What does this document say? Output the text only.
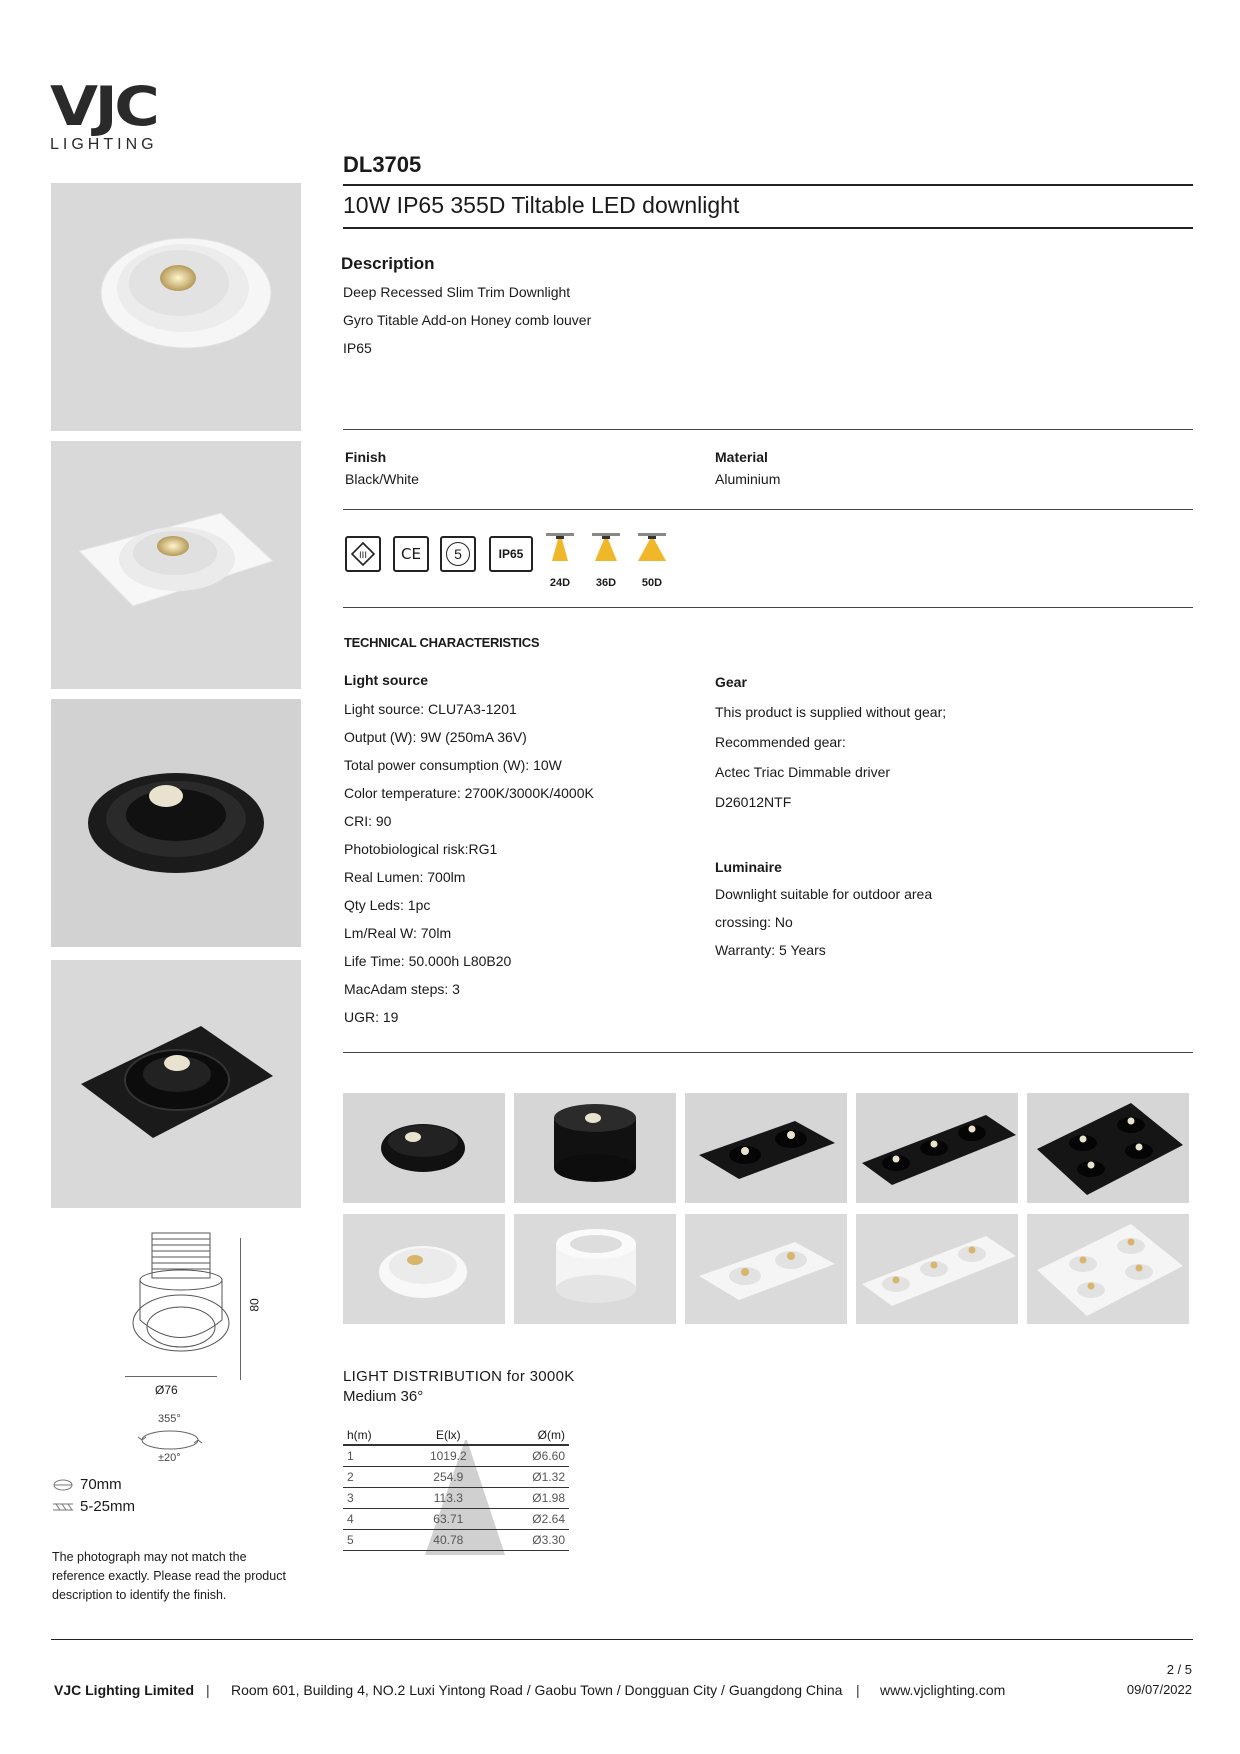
VJC
LIGHTING
DL3705
10W IP65 355D Tiltable LED downlight
Description
Deep Recessed Slim Trim Downlight
Gyro Titable Add-on Honey comb louver
IP65
Finish
Black/White
Material
Aluminium
III CE 5	IP65
24D	36D	50D
TECHNICAL CHARACTERISTICS
Light source
Light source: CLU7A3-1201
Output (W): 9W (250mA 36V)
Total power consumption (W): 10W
Color temperature: 2700K/3000K/4000K
CRI: 90
Photobiological risk:RG1
Real Lumen: 700lm
Qty Leds: 1pc
Lm/Real W: 70lm
Life Time: 50.000h L80B20
MacAdam steps: 3
UGR: 19
Gear
This product is supplied without gear;
Recommended gear:
Actec Triac Dimmable driver
D26012NTF
Luminaire
Downlight suitable for outdoor area
crossing: No
Warranty: 5 Years
80
Ø76
355°
±20°
70mm
5-25mm
The photograph may not match the reference exactly. Please read the product description to identify the finish.
LIGHT DISTRIBUTION for 3000K
Medium 36°
h(m)	E(lx)	Ø(m)
1	1019.2	Ø6.60
2	254.9	Ø1.32
3	113.3	Ø1.98
4	63.71	Ø2.64
5	40.78	Ø3.30
VJC Lighting Limited | Room 601, Building 4, NO.2 Luxi Yintong Road / Gaobu Town / Dongguan City / Guangdong China | www.vjclighting.com
2 / 5
09/07/2022
